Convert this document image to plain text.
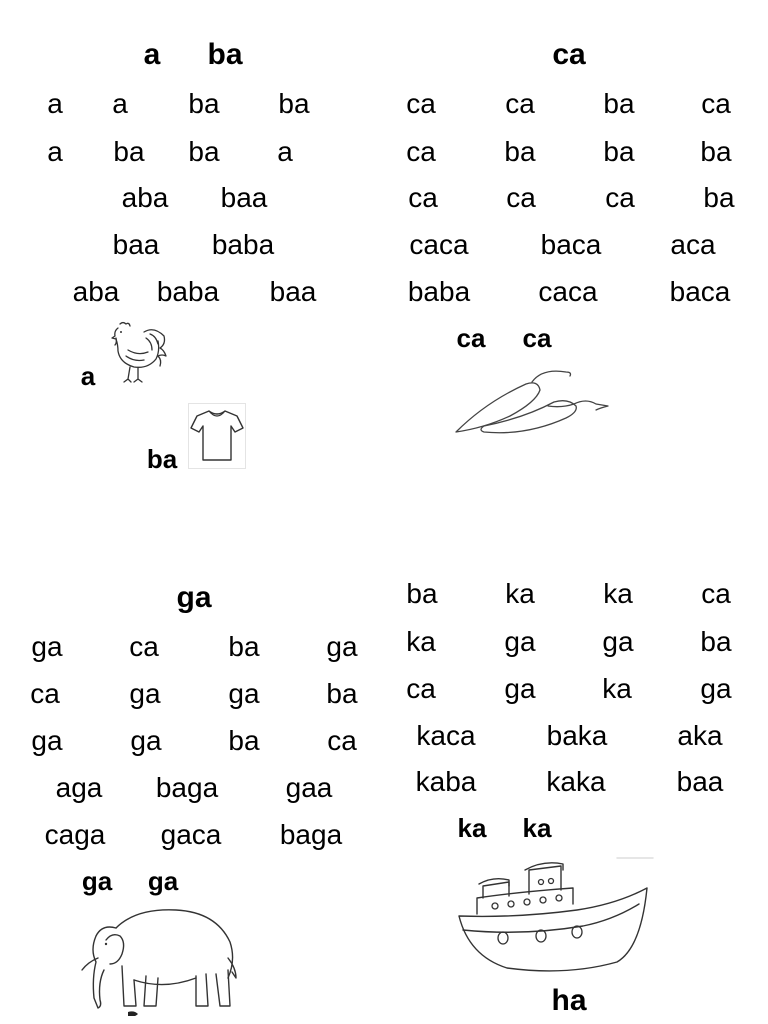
a ba
a a ba ba
a ba ba a
aba baa
baa baba
aba baba baa
a
ba
ca
ca ca ba ca
ca ba ba ba
ca ca ca ba
caca	baca aca
baba caca	baca
ca ca
ga
ga ca ba ga
ca ga ga ba
ga ga ba ca
aga baga gaa
caga gaca baga
ga ga
ba ka ka ca
ka ga ga ba
ca ga ka ga
kaca	baka	aka
kaba	kaka	baa
ka ka
ha
